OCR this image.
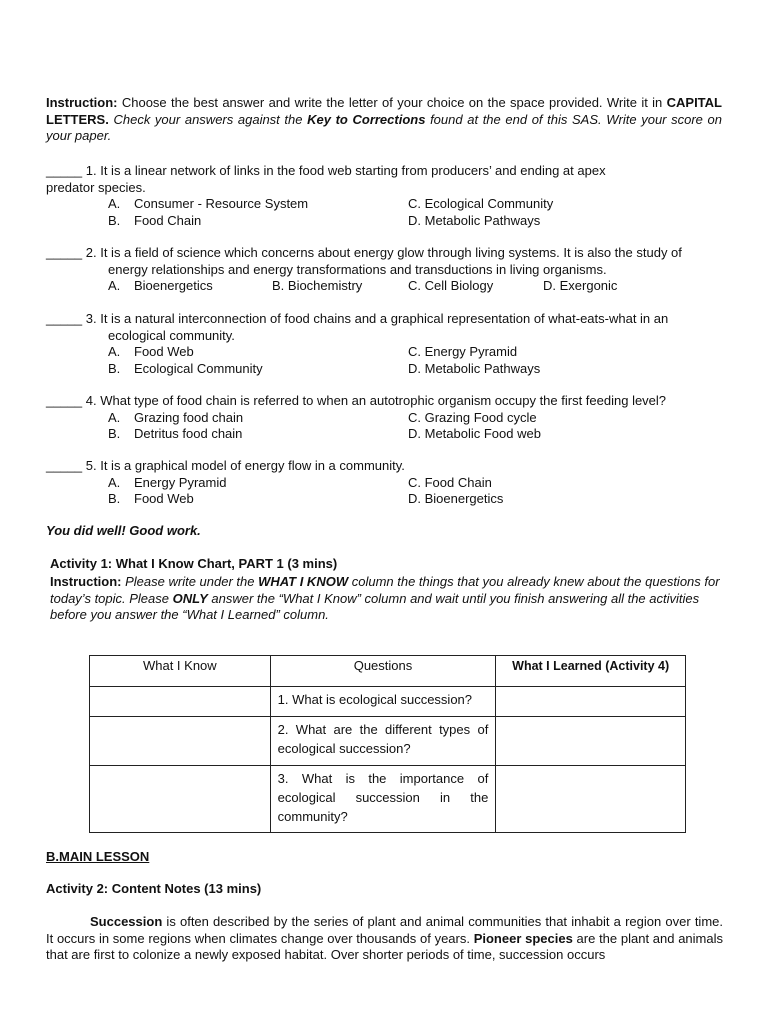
Instruction: Choose the best answer and write the letter of your choice on the space provided. Write it in CAPITAL LETTERS. Check your answers against the Key to Corrections found at the end of this SAS. Write your score on your paper.
_____ 1. It is a linear network of links in the food web starting from producers’ and ending at apex
predator species.
A. Consumer - Resource System	C. Ecological Community
B. Food Chain	D. Metabolic Pathways
_____ 2. It is a field of science which concerns about energy glow through living systems. It is also the study of
energy relationships and energy transformations and transductions in living organisms.
A. Bioenergetics	B. Biochemistry	C. Cell Biology	D. Exergonic
_____ 3. It is a natural interconnection of food chains and a graphical representation of what-eats-what in an
ecological community.
A. Food Web	C. Energy Pyramid
B. Ecological Community	D. Metabolic Pathways
_____ 4. What type of food chain is referred to when an autotrophic organism occupy the first feeding level?
A. Grazing food chain	C. Grazing Food cycle
B. Detritus food chain	D. Metabolic Food web
_____ 5. It is a graphical model of energy flow in a community.
A. Energy Pyramid	C. Food Chain
B. Food Web	D. Bioenergetics
You did well! Good work.
Activity 1: What I Know Chart, PART 1 (3 mins)
Instruction: Please write under the WHAT I KNOW column the things that you already knew about the questions for today’s topic. Please ONLY answer the “What I Know” column and wait until you finish answering all the activities before you answer the “What I Learned” column.
What I Know	Questions	What I Learned (Activity 4)
	1. What is ecological succession?	
	2. What are the different types of ecological succession?	
	3. What is the importance of ecological succession in the community?	
B.MAIN LESSON
Activity 2: Content Notes (13 mins)
Succession is often described by the series of plant and animal communities that inhabit a region over time. It occurs in some regions when climates change over thousands of years. Pioneer species are the plant and animals that are first to colonize a newly exposed habitat. Over shorter periods of time, succession occurs
